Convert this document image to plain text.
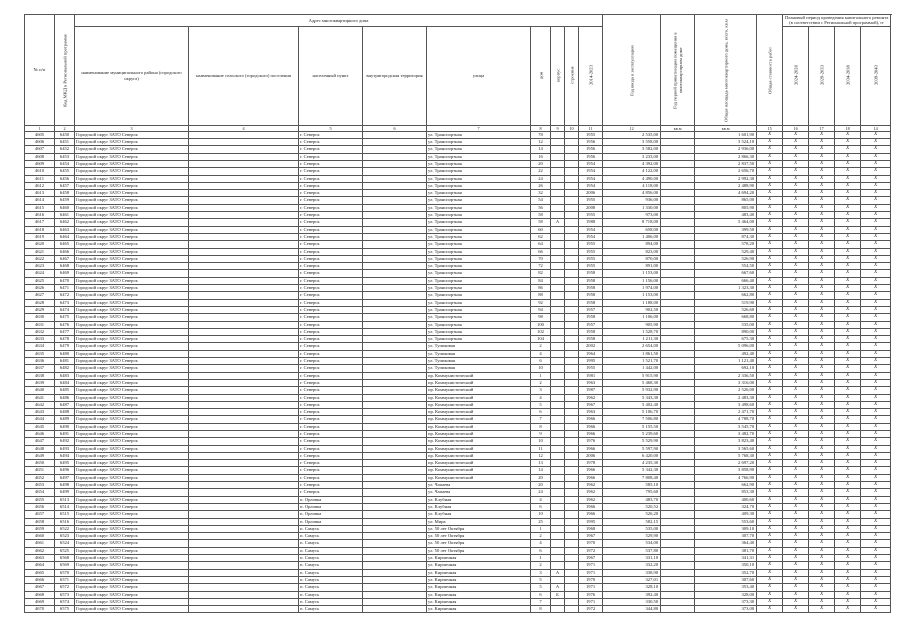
№ п/п	Код МКД в Региональной программе	Адрес многоквартирного дома									Год ввода в эксплуатацию	Год первой приватизации помещения в многоквартирном доме	Общая площадь многоквартирного дома, всего, кв.м	Общая стоимость работ	Плановый период проведения капитального ремонта (в соответствии с Региональной программой), гг			
		наименование муниципального района (городского округа)	наименование сельского (городского) поселения	населенный пункт	внутригородская территория	улица	дом	корпус	строение	2014-2023					2024-2028	2029-2033	2034-2038	2039-2043
1	2	3	4	5	6	7	8	9	10	11	12	кв.м	кв.м	15	16	17	18	14
4605	6450	Городской округ ЗАТО Северск		г. Северск		ул. Транспортная	78			1955	2 535,00		1 601,90	Х	Х	Х	Х	Х
4606	6451	Городской округ ЗАТО Северск		г. Северск		ул. Транспортная	12			1956	3 558,00		3 524,10	Х	Х	Х	Х	Х
4607	6452	Городской округ ЗАТО Северск		г. Северск		ул. Транспортная	14			1956	3 582,00		2 936,00	Х	Х	Х	Х	Х
4608	6453	Городской округ ЗАТО Северск		г. Северск		ул. Транспортная	16			1956	3 233,00		2 866,30	Х	Х	Х	Х	Х
4609	6454	Городской округ ЗАТО Северск		г. Северск		ул. Транспортная	20			1954	4 392,00		2 837,50	Х	Х	Х	Х	Х
4610	6455	Городской округ ЗАТО Северск		г. Северск		ул. Транспортная	22			1954	4 122,00		2 656,70	Х	Х	Х	Х	Х
4611	6456	Городской округ ЗАТО Северск		г. Северск		ул. Транспортная	24			1954	4 490,00		2 992,30	Х	Х	Х	Х	Х
4612	6457	Городской округ ЗАТО Северск		г. Северск		ул. Транспортная	26			1954	4 118,00		2 488,90	Х	Х	Х	Х	Х
4613	6458	Городской округ ЗАТО Северск		г. Северск		ул. Транспортная	32			2006	4 856,00		4 694,20	Х	Х	Х	Х	Х
4614	6459	Городской округ ЗАТО Северск		г. Северск		ул. Транспортная	54			1955	936,00		865,00	Х	Х	Х	Х	Х
4615	6460	Городской округ ЗАТО Северск		г. Северск		ул. Транспортная	56			2008	1 330,00		805,90	Х	Х	Х	Х	Х
4616	6461	Городской округ ЗАТО Северск		г. Северск		ул. Транспортная	58			1955	973,00		483,40	Х	Х	Х	Х	Х
4617	6462	Городской округ ЗАТО Северск		г. Северск		ул. Транспортная	58	А		1988	8 718,00		5 464,00	Х	Х	Х	Х	Х
4618	6463	Городской округ ЗАТО Северск		г. Северск		ул. Транспортная	60			1954	658,00		399,50	Х	Х	Х	Х	Х
4619	6464	Городской округ ЗАТО Северск		г. Северск		ул. Транспортная	62			1954	1 406,00		874,30	Х	Х	Х	Х	Х
4620	6465	Городской округ ЗАТО Северск		г. Северск		ул. Транспортная	64			1955	894,00		578,20	Х	Х	Х	Х	Х
4621	6466	Городской округ ЗАТО Северск		г. Северск		ул. Транспортная	66			1955	823,00		529,40	Х	Х	Х	Х	Х
4622	6467	Городской округ ЗАТО Северск		г. Северск		ул. Транспортная	70			1955	870,00		526,90	Х	Х	Х	Х	Х
4623	6468	Городской округ ЗАТО Северск		г. Северск		ул. Транспортная	72			1955	891,00		554,50	Х	Х	Х	Х	Х
4624	6469	Городской округ ЗАТО Северск		г. Северск		ул. Транспортная	82			1958	1 153,00		667,60	Х	Х	Х	Х	Х
4625	6470	Городской округ ЗАТО Северск		г. Северск		ул. Транспортная	84			1958	1 156,00		666,40	Х	Х	Х	Х	Х
4626	6471	Городской округ ЗАТО Северск		г. Северск		ул. Транспортная	86			1958	1 974,00		1 323,30	Х	Х	Х	Х	Х
4627	6472	Городской округ ЗАТО Северск		г. Северск		ул. Транспортная	88			1958	1 153,00		662,80	Х	Х	Х	Х	Х
4628	6473	Городской округ ЗАТО Северск		г. Северск		ул. Транспортная	92			1958	1 188,00		519,90	Х	Х	Х	Х	Х
4629	6474	Городской округ ЗАТО Северск		г. Северск		ул. Транспортная	94			1957	902,50		526,60	Х	Х	Х	Х	Х
4630	6475	Городской округ ЗАТО Северск		г. Северск		ул. Транспортная	98			1958	1 106,00		668,80	Х	Х	Х	Х	Х
4631	6476	Городской округ ЗАТО Северск		г. Северск		ул. Транспортная	100			1957	905,90		535,00	Х	Х	Х	Х	Х
4632	6477	Городской округ ЗАТО Северск		г. Северск		ул. Транспортная	102			1958	1 528,70		890,00	Х	Х	Х	Х	Х
4633	6478	Городской округ ЗАТО Северск		г. Северск		ул. Транспортная	104			1958	1 211,30		675,30	Х	Х	Х	Х	Х
4634	6479	Городской округ ЗАТО Северск		г. Северск		ул. Тупиковая	2			2002	2 654,00		5 096,00	Х	Х	Х	Х	Х
4635	6480	Городской округ ЗАТО Северск		г. Северск		ул. Тупиковая	4			1964	1 861,50		492,40	Х	Х	Х	Х	Х
4636	6481	Городской округ ЗАТО Северск		г. Северск		ул. Тупиковая	6			1995	1 521,70		1 121,40	Х	Х	Х	Х	Х
4637	6482	Городской округ ЗАТО Северск		г. Северск		ул. Тупиковая	10			1955	1 442,00		692,10	Х	Х	Х	Х	Х
4638	6483	Городской округ ЗАТО Северск		г. Северск		пр. Коммунистический	1			1981	5 915,90		2 336,50	Х	Х	Х	Х	Х
4639	6484	Городской округ ЗАТО Северск		г. Северск		пр. Коммунистический	2			1963	5 468,30		3 316,00	Х	Х	Х	Х	Х
4640	6485	Городской округ ЗАТО Северск		г. Северск		пр. Коммунистический	3			1987	5 932,90		2 526,00	Х	Х	Х	Х	Х
4641	6486	Городской округ ЗАТО Северск		г. Северск		пр. Коммунистический	4			1962	5 343,30		2 483,30	Х	Х	Х	Х	Х
4642	6487	Городской округ ЗАТО Северск		г. Северск		пр. Коммунистический	5			1967	5 402,40		3 498,60	Х	Х	Х	Х	Х
4643	6488	Городской округ ЗАТО Северск		г. Северск		пр. Коммунистический	6			1963	5 106,70		2 471,70	Х	Х	Х	Х	Х
4644	6489	Городской округ ЗАТО Северск		г. Северск		пр. Коммунистический	7			1966	7 506,80		4 788,70	Х	Х	Х	Х	Х
4645	6490	Городской округ ЗАТО Северск		г. Северск		пр. Коммунистический	8			1966	5 155,50		3 545,70	Х	Х	Х	Х	Х
4646	6491	Городской округ ЗАТО Северск		г. Северск		пр. Коммунистический	9			1966	5 239,60		3 482,70	Х	Х	Х	Х	Х
4647	6492	Городской округ ЗАТО Северск		г. Северск		пр. Коммунистический	10			1976	5 529,90		3 823,40	Х	Х	Х	Х	Х
4648	6493	Городской округ ЗАТО Северск		г. Северск		пр. Коммунистический	11			1966	5 597,90		3 565,60	Х	Х	Х	Х	Х
4649	6494	Городской округ ЗАТО Северск		г. Северск		пр. Коммунистический	12			2006	6 420,00		5 768,30	Х	Х	Х	Х	Х
4650	6495	Городской округ ЗАТО Северск		г. Северск		пр. Коммунистический	13			1978	4 235,30		2 697,20	Х	Х	Х	Х	Х
4651	6496	Городской округ ЗАТО Северск		г. Северск		пр. Коммунистический	14			1966	5 342,30		3 858,90	Х	Х	Х	Х	Х
4652	6497	Городской округ ЗАТО Северск		г. Северск		пр. Коммунистический	20			1966	7 808,40		4 766,90	Х	Х	Х	Х	Х
4653	6498	Городской округ ЗАТО Северск		г. Северск		ул. Чапаева	20			1962	585,10		662,90	Х	Х	Х	Х	Х
4654	6499	Городской округ ЗАТО Северск		г. Северск		ул. Чапаева	24			1962	795,60		853,30	Х	Х	Х	Х	Х
4655	6513	Городской округ ЗАТО Северск		п. Орловка		ул. Клубная	4			1962	483,70		400,60	Х	Х	Х	Х	Х
4656	6514	Городской округ ЗАТО Северск		п. Орловка		ул. Клубная	6			1966	520,52		324,70	Х	Х	Х	Х	Х
4657	6515	Городской округ ЗАТО Северск		п. Орловка		ул. Клубная	10			1966	526,20		409,30	Х	Х	Х	Х	Х
4658	6516	Городской округ ЗАТО Северск		п. Орловка		ул. Мира	25			1995	582,15		553,60	Х	Х	Х	Х	Х
4659	6522	Городской округ ЗАТО Северск		п. Самусь		ул. 50 лет Октября	1			1968	535,00		309,10	Х	Х	Х	Х	Х
4660	6523	Городской округ ЗАТО Северск		п. Самусь		ул. 50 лет Октября	2			1967	529,90		307,70	Х	Х	Х	Х	Х
4661	6524	Городской округ ЗАТО Северск		п. Самусь		ул. 50 лет Октября	4			1970	534,00		364,40	Х	Х	Х	Х	Х
4662	6525	Городской округ ЗАТО Северск		п. Самусь		ул. 50 лет Октября	6			1972	537,80		381,70	Х	Х	Х	Х	Х
4663	6568	Городской округ ЗАТО Северск		п. Самусь		ул. Кирпичная	1			1967	331,10		341,31	Х	Х	Х	Х	Х
4664	6569	Городской округ ЗАТО Северск		п. Самусь		ул. Кирпичная	2			1971	332,20		350,10	Х	Х	Х	Х	Х
4665	6570	Городской округ ЗАТО Северск		п. Самусь		ул. Кирпичная	3	А		1971	338,90		352,70	Х	Х	Х	Х	Х
4666	6571	Городской округ ЗАТО Северск		п. Самусь		ул. Кирпичная	5			1970	327,01		307,60	Х	Х	Х	Х	Х
4667	6572	Городской округ ЗАТО Северск		п. Самусь		ул. Кирпичная	5	А		1971	328,10		353,40	Х	Х	Х	Х	Х
4668	6573	Городской округ ЗАТО Северск		п. Самусь		ул. Кирпичная	6	Б		1976	392,40		328,00	Х	Х	Х	Х	Х
4669	6574	Городской округ ЗАТО Северск		п. Самусь		ул. Кирпичная	7			1971	330,50		373,30	Х	Х	Х	Х	Х
4670	6575	Городской округ ЗАТО Северск		п. Самусь		ул. Кирпичная	8			1972	344,80		373,00	Х	Х	Х	Х	Х
